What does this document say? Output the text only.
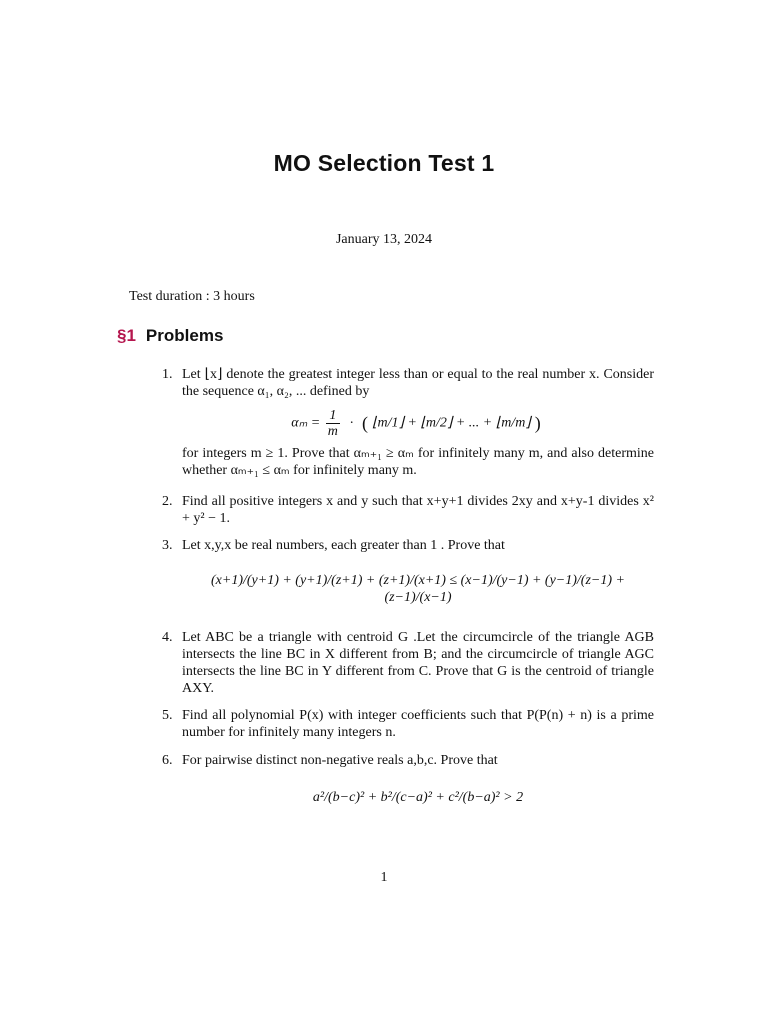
MO Selection Test 1
January 13, 2024
Test duration : 3 hours
§1 Problems
1. Let ⌊x⌋ denote the greatest integer less than or equal to the real number x. Consider the sequence α₁, α₂, ... defined by
$\alpha_m = \frac{1}{m}$ · ( ⌊m/1⌋ + ⌊m/2⌋ + ... + ⌊m/m⌋ )
for integers m ≥ 1. Prove that αₘ₊₁ ≥ αₘ for infinitely many m, and also determine whether αₘ₊₁ ≤ αₘ for infinitely many m.
2. Find all positive integers x and y such that x+y+1 divides 2xy and x+y-1 divides x² + y² − 1.
3. Let x,y,x be real numbers, each greater than 1 . Prove that
(x+1)/(y+1) + (y+1)/(z+1) + (z+1)/(x+1) ≤ (x−1)/(y−1) + (y−1)/(z−1) + (z−1)/(x−1)
4. Let ABC be a triangle with centroid G .Let the circumcircle of the triangle AGB intersects the line BC in X different from B; and the circumcircle of triangle AGC intersects the line BC in Y different from C. Prove that G is the centroid of triangle AXY.
5. Find all polynomial P(x) with integer coefficients such that P(P(n) + n) is a prime number for infinitely many integers n.
6. For pairwise distinct non-negative reals a,b,c. Prove that
a²/(b−c)² + b²/(c−a)² + c²/(b−a)² > 2
1
